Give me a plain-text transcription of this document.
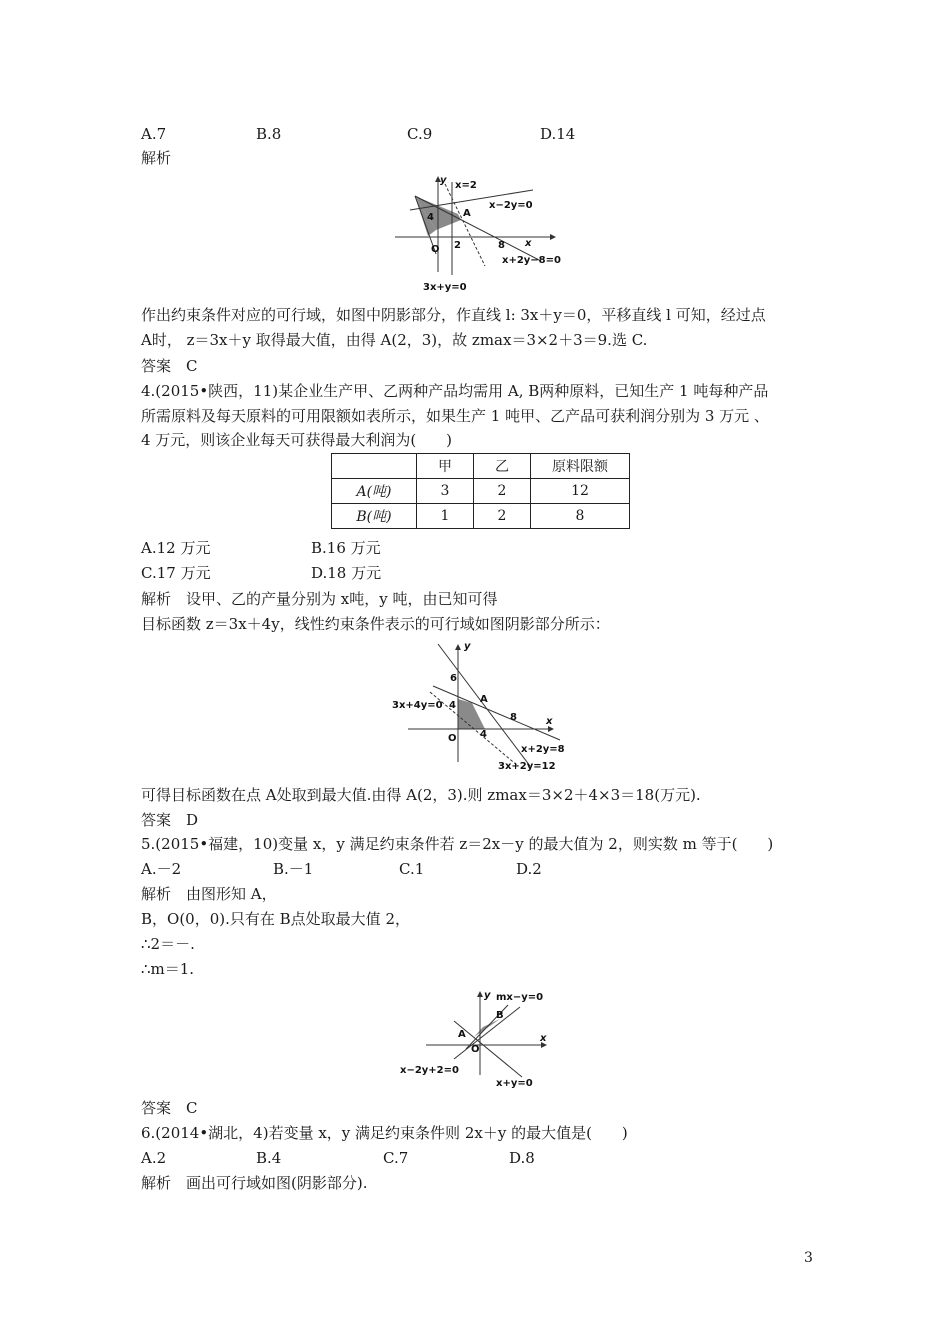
A.7	B.8	C.9	D.14
解析
y x=2
x−2y=0
4	A
2
O	8 x
x+2y−8=0
3x+y=0
作出约束条件对应的可行域，如图中阴影部分，作直线 l: 3x＋y＝0，平移直线 l 可知，经过点
A时， z＝3x＋y 取得最大值，由得 A(2，3)，故 zmax＝3×2＋3＝9.选 C.
答案　C
4.(2015•陕西，11)某企业生产甲、乙两种产品均需用 A, B两种原料，已知生产 1 吨每种产品
所需原料及每天原料的可用限额如表所示，如果生产 1 吨甲、乙产品可获利润分别为 3 万元 、
4 万元，则该企业每天可获得最大利润为(　　)
	甲	乙	原料限额
A(吨)	3	2	12
B(吨)	1	2	8
A.12 万元	B.16 万元
C.17 万元	D.18 万元
解析　设甲、乙的产量分别为 x吨，y 吨，由已知可得
目标函数 z＝3x＋4y，线性约束条件表示的可行域如图阴影部分所示：
y
6
A
3x+4y=0 4
8	x
O 4
x+2y=8
3x+2y=12
可得目标函数在点 A处取到最大值.由得 A(2，3).则 zmax＝3×2＋4×3＝18(万元).
答案　D
5.(2015•福建，10)变量 x，y 满足约束条件若 z＝2x－y 的最大值为 2，则实数 m 等于(　　)
A.－2	B.－1	C.1	D.2
解析　由图形知 A，
B，O(0，0).只有在 B点处取最大值 2，
∴2＝－.
∴m＝1.
y mx−y=0
B
A
O
x
x−2y+2=0
x+y=0
答案　C
6.(2014•湖北，4)若变量 x，y 满足约束条件则 2x＋y 的最大值是(　　)
A.2	B.4	C.7	D.8
解析　画出可行域如图(阴影部分).
3
